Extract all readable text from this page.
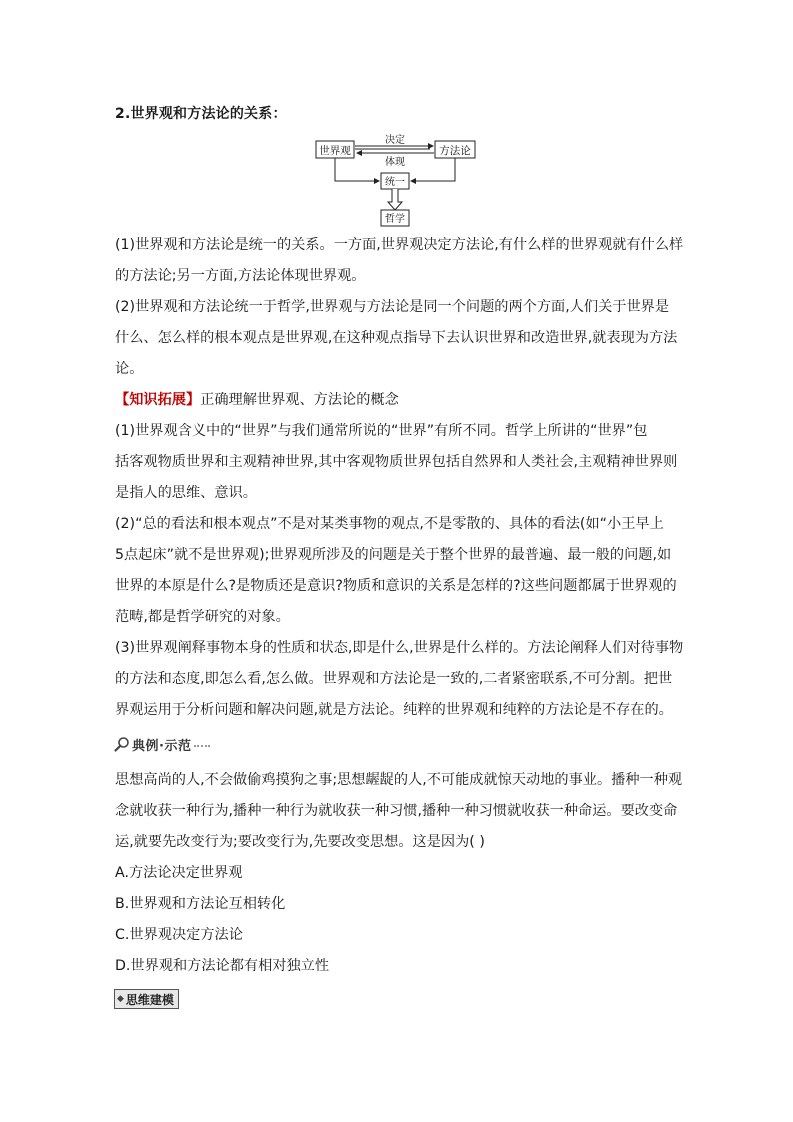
2.世界观和方法论的关系：
世界观	方法论
决定
体现
统一
哲学

(1)世界观和方法论是统一的关系。一方面,世界观决定方法论,有什么样的世界观就有什么样

的方法论;另一方面,方法论体现世界观。

(2)世界观和方法论统一于哲学,世界观与方法论是同一个问题的两个方面,人们关于世界是

什么、怎么样的根本观点是世界观,在这种观点指导下去认识世界和改造世界,就表现为方法

论。

【知识拓展】正确理解世界观、方法论的概念

(1)世界观含义中的“世界”与我们通常所说的“世界”有所不同。哲学上所讲的“世界”包

括客观物质世界和主观精神世界,其中客观物质世界包括自然界和人类社会,主观精神世界则

是指人的思维、意识。

(2)“总的看法和根本观点”不是对某类事物的观点,不是零散的、具体的看法(如“小王早上

5点起床”就不是世界观);世界观所涉及的问题是关于整个世界的最普遍、最一般的问题,如

世界的本原是什么?是物质还是意识?物质和意识的关系是怎样的?这些问题都属于世界观的

范畴,都是哲学研究的对象。

(3)世界观阐释事物本身的性质和状态,即是什么,世界是什么样的。方法论阐释人们对待事物

的方法和态度,即怎么看,怎么做。世界观和方法论是一致的,二者紧密联系,不可分割。把世

界观运用于分析问题和解决问题,就是方法论。纯粹的世界观和纯粹的方法论是不存在的。

典例·示范

思想高尚的人,不会做偷鸡摸狗之事;思想龌龊的人,不可能成就惊天动地的事业。播种一种观

念就收获一种行为,播种一种行为就收获一种习惯,播种一种习惯就收获一种命运。要改变命

运,就要先改变行为;要改变行为,先要改变思想。这是因为( )

A.方法论决定世界观

B.世界观和方法论互相转化

C.世界观决定方法论

D.世界观和方法论都有相对独立性

◆ 思维建模
